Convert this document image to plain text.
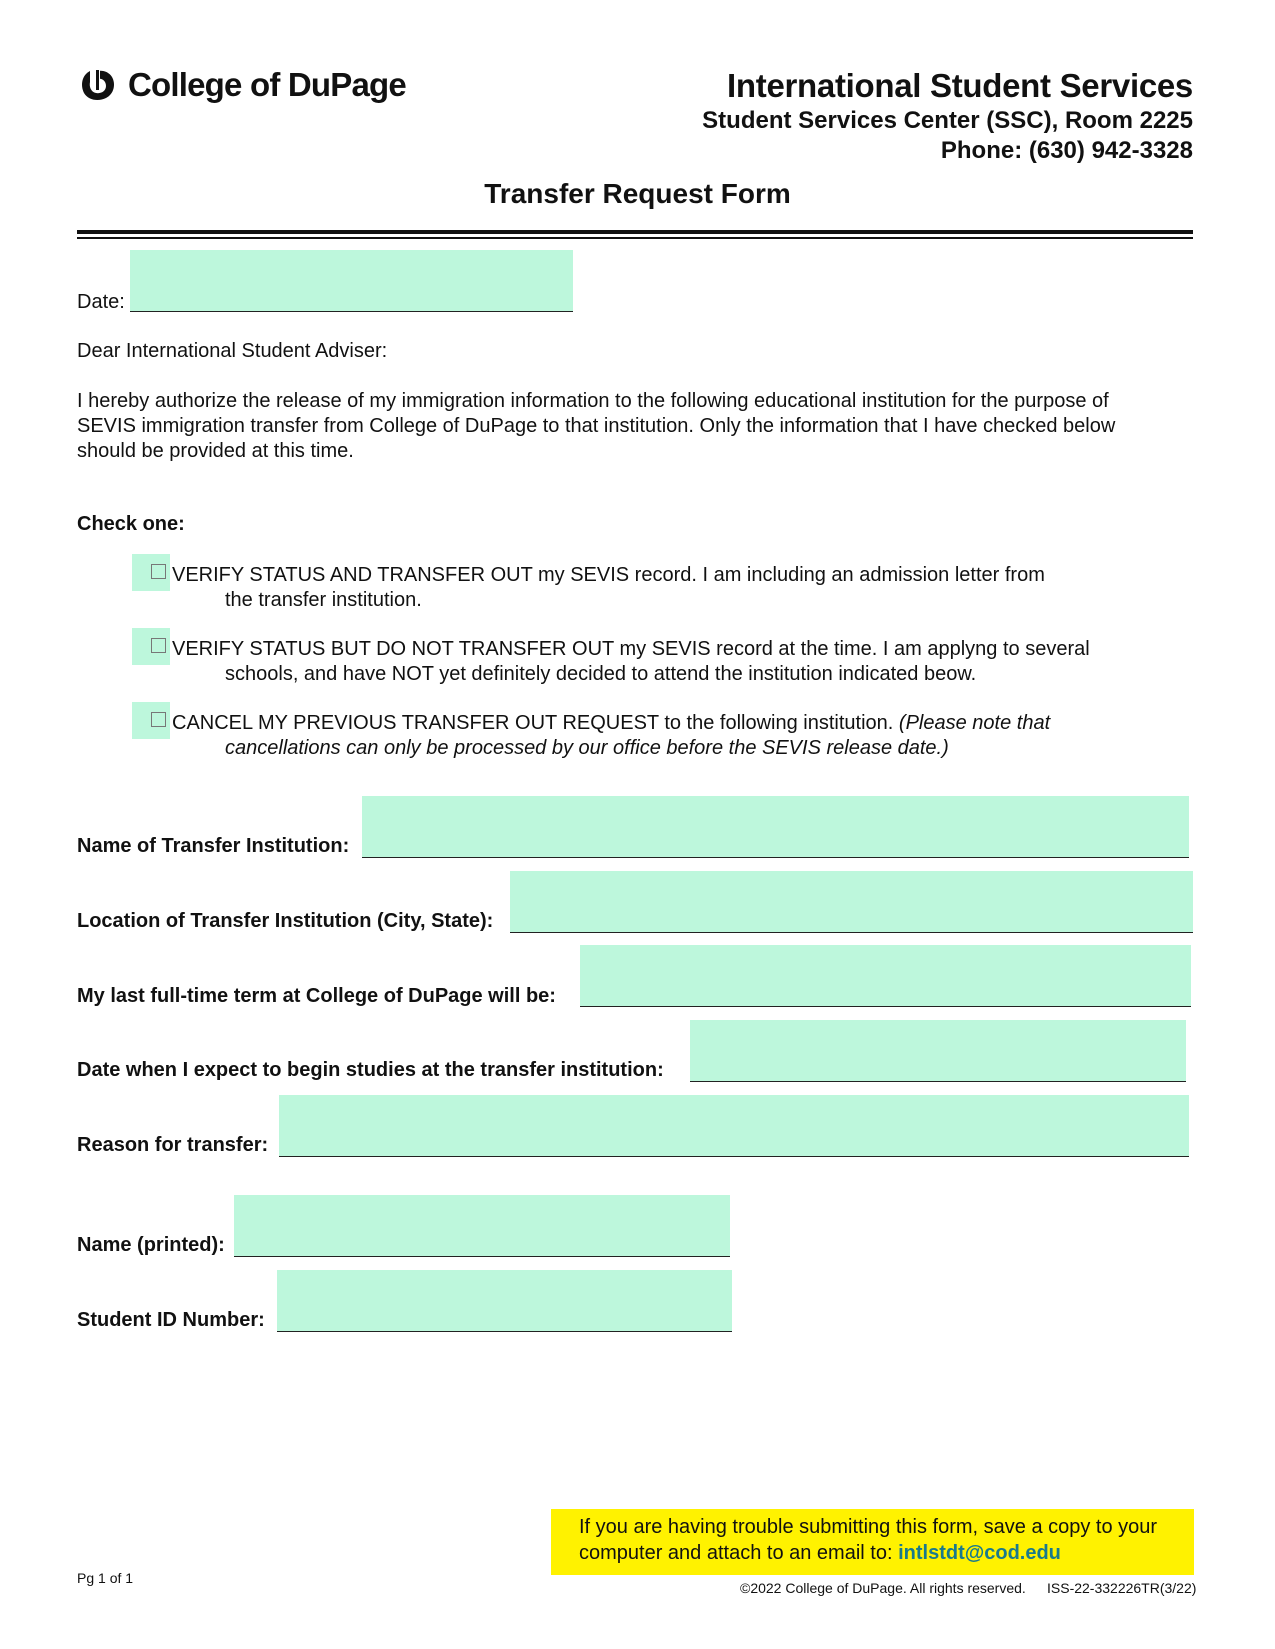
College of DuPage	International Student Services
Student Services Center (SSC), Room 2225
Phone: (630) 942-3328
Transfer Request Form
Date:
Dear International Student Adviser:
I hereby authorize the release of my immigration information to the following educational institution for the purpose of
SEVIS immigration transfer from College of DuPage to that institution. Only the information that I have checked below
should be provided at this time.
Check one:
VERIFY STATUS AND TRANSFER OUT my SEVIS record. I am including an admission letter from
the transfer institution.
VERIFY STATUS BUT DO NOT TRANSFER OUT my SEVIS record at the time. I am applyng to several
schools, and have NOT yet definitely decided to attend the institution indicated beow.
CANCEL MY PREVIOUS TRANSFER OUT REQUEST to the following institution. (Please note that
cancellations can only be processed by our office before the SEVIS release date.)
Name of Transfer Institution:
Location of Transfer Institution (City, State):
My last full-time term at College of DuPage will be:
Date when I expect to begin studies at the transfer institution:
Reason for transfer:
Name (printed):
Student ID Number:
If you are having trouble submitting this form, save a copy to your
computer and attach to an email to: intlstdt@cod.edu
Pg 1 of 1
©2022 College of DuPage. All rights reserved. ISS-22-332226TR(3/22)
